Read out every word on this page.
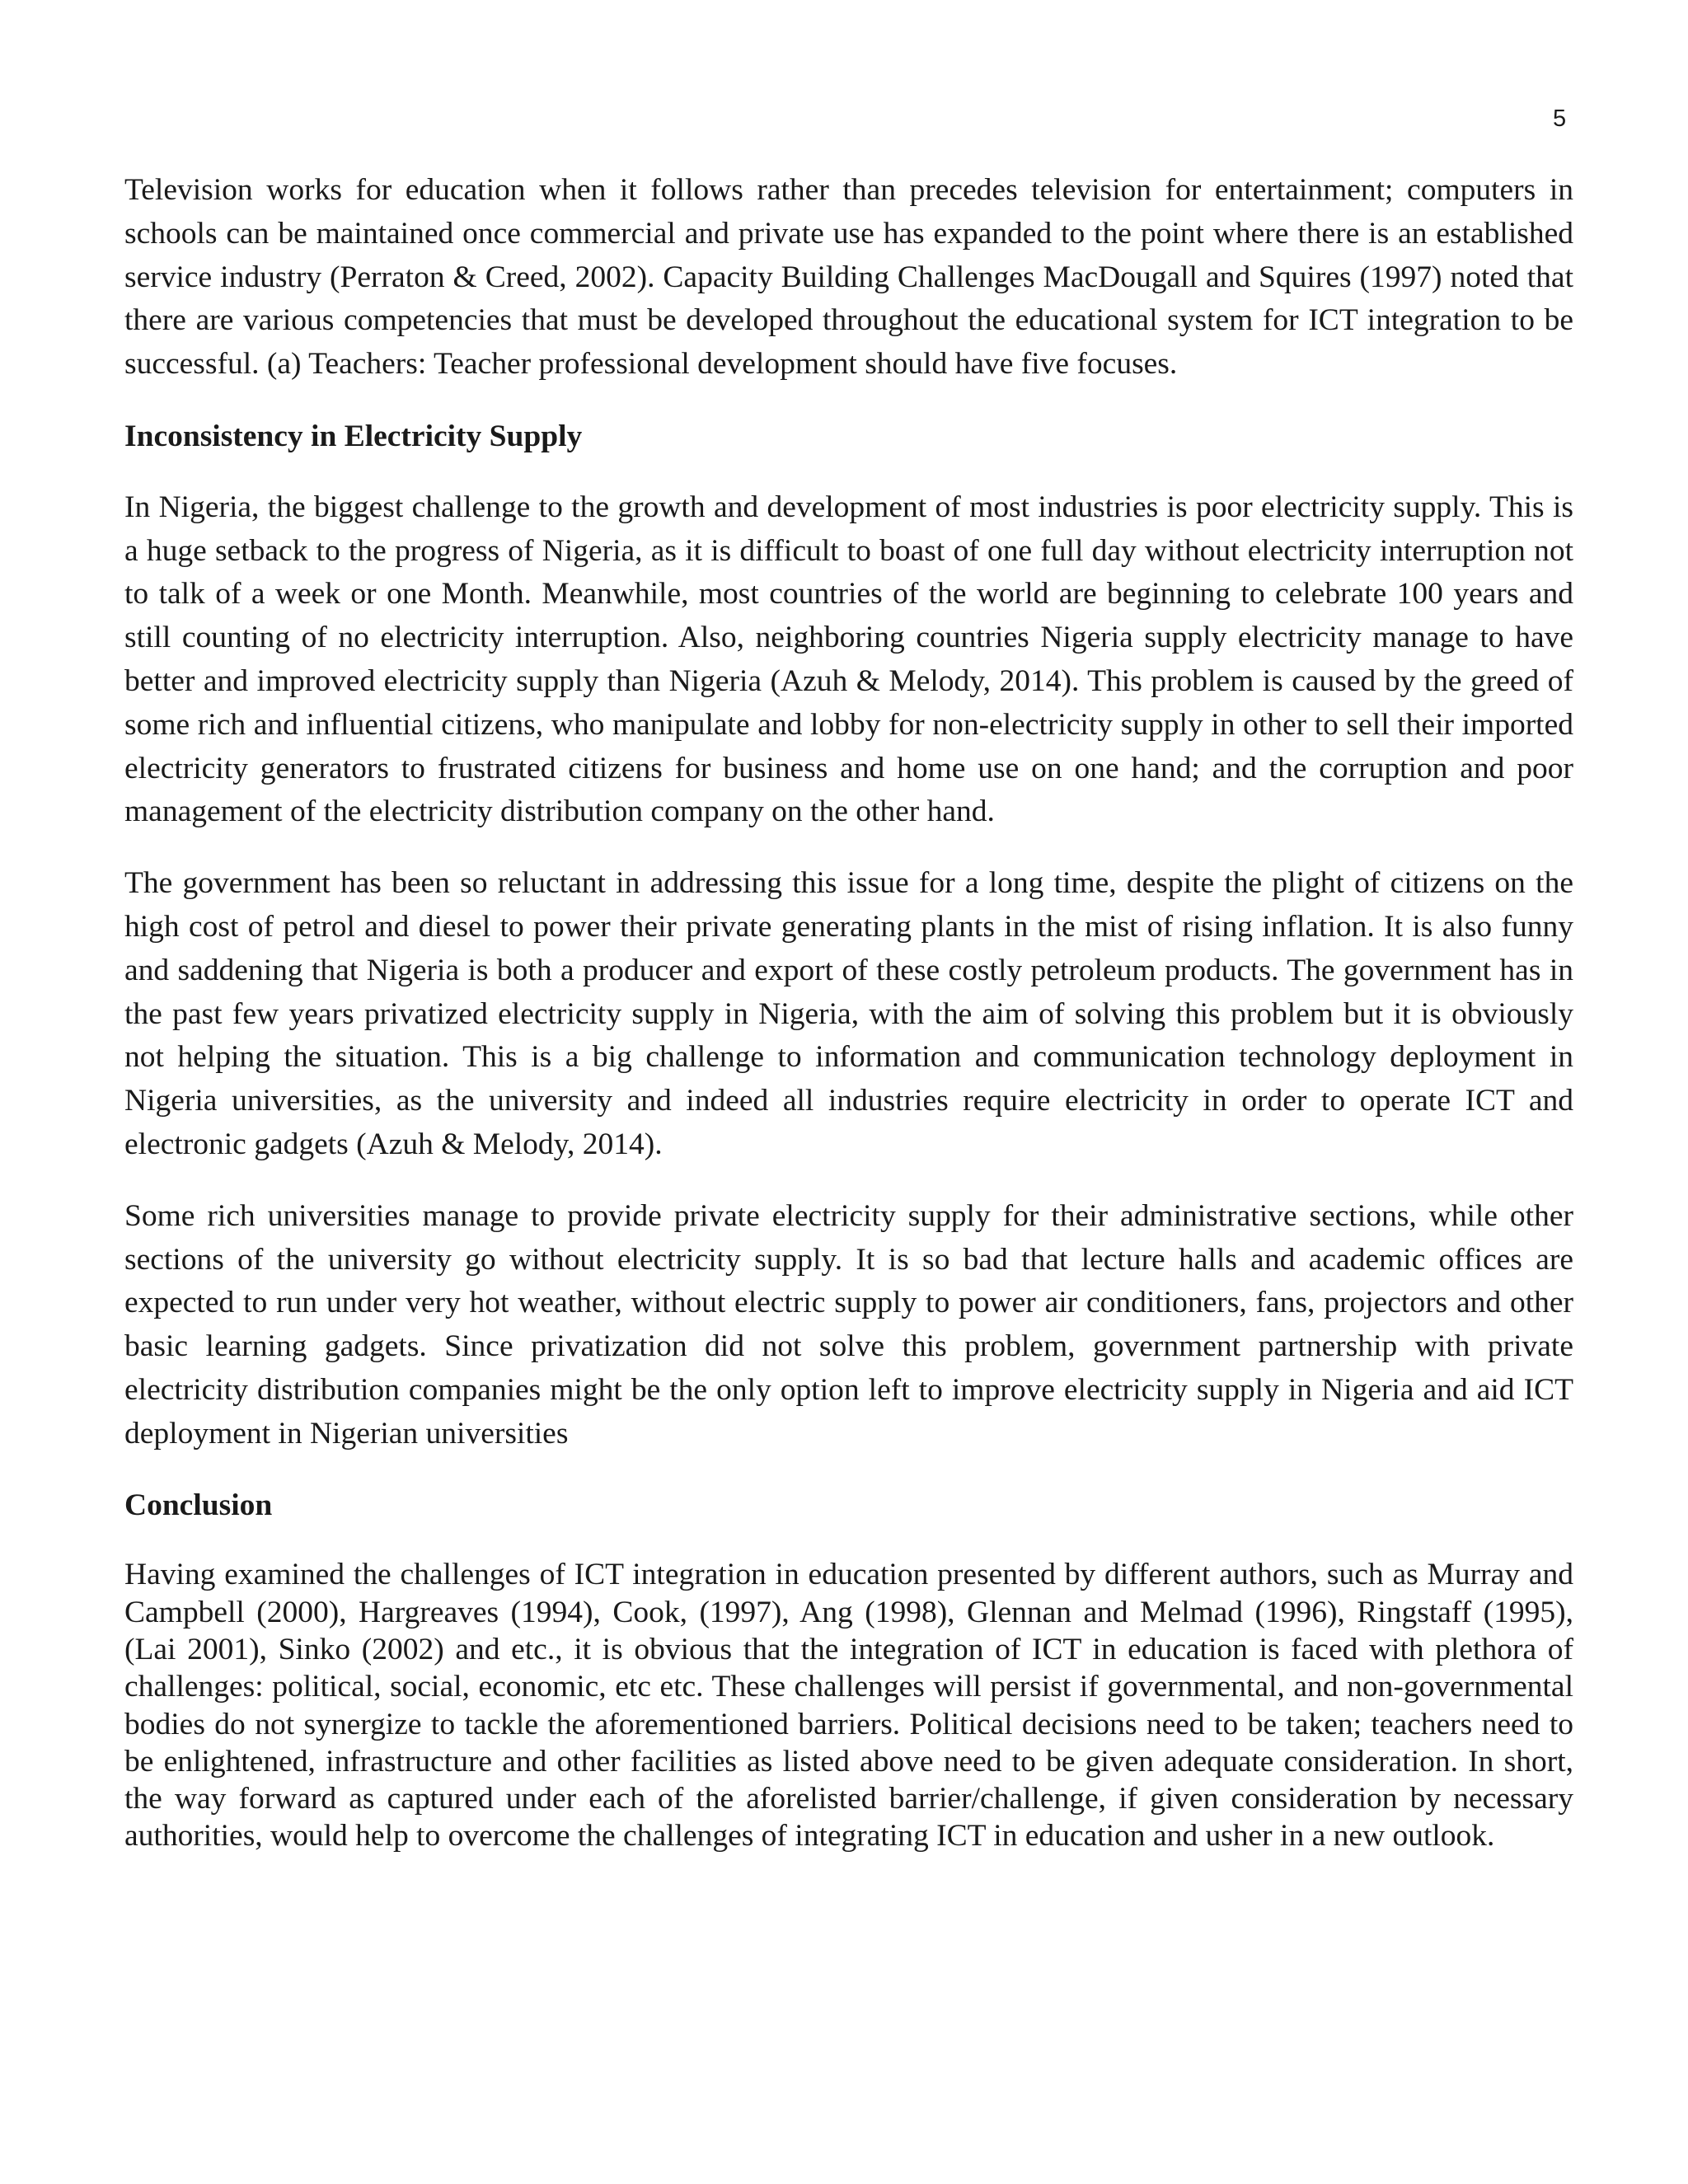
5

Television works for education when it follows rather than precedes television for entertainment; computers in schools can be maintained once commercial and private use has expanded to the point where there is an established service industry (Perraton & Creed, 2002). Capacity Building Challenges MacDougall and Squires (1997) noted that there are various competencies that must be developed throughout the educational system for ICT integration to be successful. (a) Teachers: Teacher professional development should have five focuses.

Inconsistency in Electricity Supply

In Nigeria, the biggest challenge to the growth and development of most industries is poor electricity supply. This is a huge setback to the progress of Nigeria, as it is difficult to boast of one full day without electricity interruption not to talk of a week or one Month. Meanwhile, most countries of the world are beginning to celebrate 100 years and still counting of no electricity interruption. Also, neighboring countries Nigeria supply electricity manage to have better and improved electricity supply than Nigeria (Azuh & Melody, 2014). This problem is caused by the greed of some rich and influential citizens, who manipulate and lobby for non-electricity supply in other to sell their imported electricity generators to frustrated citizens for business and home use on one hand; and the corruption and poor management of the electricity distribution company on the other hand.

The government has been so reluctant in addressing this issue for a long time, despite the plight of citizens on the high cost of petrol and diesel to power their private generating plants in the mist of rising inflation. It is also funny and saddening that Nigeria is both a producer and export of these costly petroleum products. The government has in the past few years privatized electricity supply in Nigeria, with the aim of solving this problem but it is obviously not helping the situation. This is a big challenge to information and communication technology deployment in Nigeria universities, as the university and indeed all industries require electricity in order to operate ICT and electronic gadgets (Azuh & Melody, 2014).

Some rich universities manage to provide private electricity supply for their administrative sections, while other sections of the university go without electricity supply. It is so bad that lecture halls and academic offices are expected to run under very hot weather, without electric supply to power air conditioners, fans, projectors and other basic learning gadgets. Since privatization did not solve this problem, government partnership with private electricity distribution companies might be the only option left to improve electricity supply in Nigeria and aid ICT deployment in Nigerian universities

Conclusion

Having examined the challenges of ICT integration in education presented by different authors, such as Murray and Campbell (2000), Hargreaves (1994), Cook, (1997), Ang (1998), Glennan and Melmad (1996), Ringstaff (1995), (Lai 2001), Sinko (2002) and etc., it is obvious that the integration of ICT in education is faced with plethora of challenges: political, social, economic, etc etc. These challenges will persist if governmental, and non-governmental bodies do not synergize to tackle the aforementioned barriers. Political decisions need to be taken; teachers need to be enlightened, infrastructure and other facilities as listed above need to be given adequate consideration. In short, the way forward as captured under each of the aforelisted barrier/challenge, if given consideration by necessary authorities, would help to overcome the challenges of integrating ICT in education and usher in a new outlook.
